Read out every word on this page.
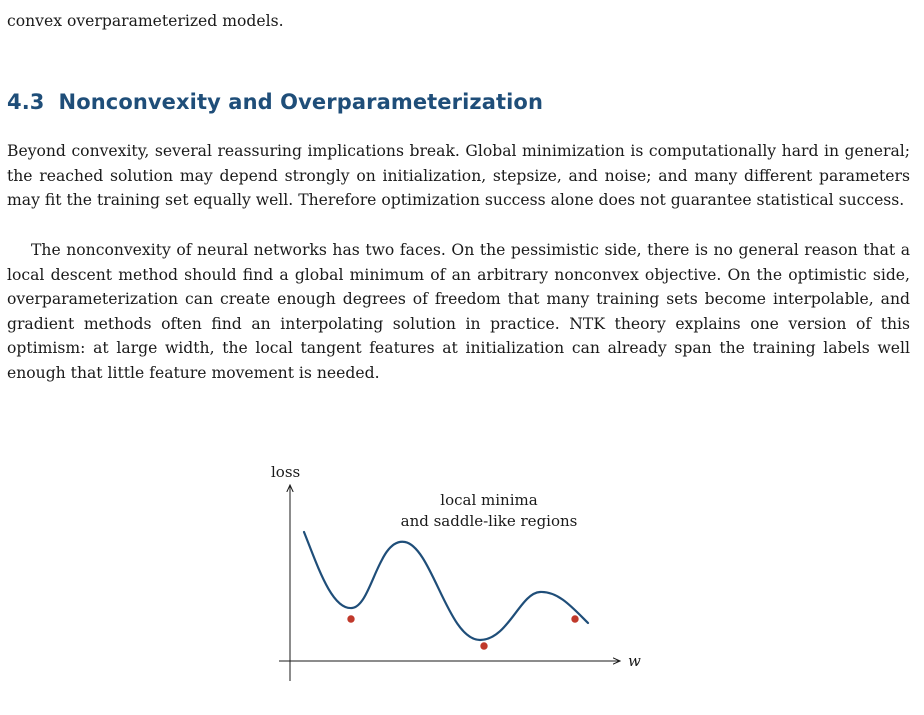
convex overparameterized models.

4.3 Nonconvexity and Overparameterization

Beyond convexity, several reassuring implications break. Global minimization is computationally hard in general; the reached solution may depend strongly on initialization, stepsize, and noise; and many different parameters may fit the training set equally well. Therefore optimization success alone does not guarantee statistical success.

The nonconvexity of neural networks has two faces. On the pessimistic side, there is no general reason that a local descent method should find a global minimum of an arbitrary nonconvex objective. On the optimistic side, overparameterization can create enough degrees of freedom that many training sets become interpolable, and gradient methods often find an interpolating solution in practice. NTK theory explains one version of this optimism: at large width, the local tangent features at initialization can already span the training labels well enough that little feature movement is needed.

loss
w
local minima
and saddle-like regions
